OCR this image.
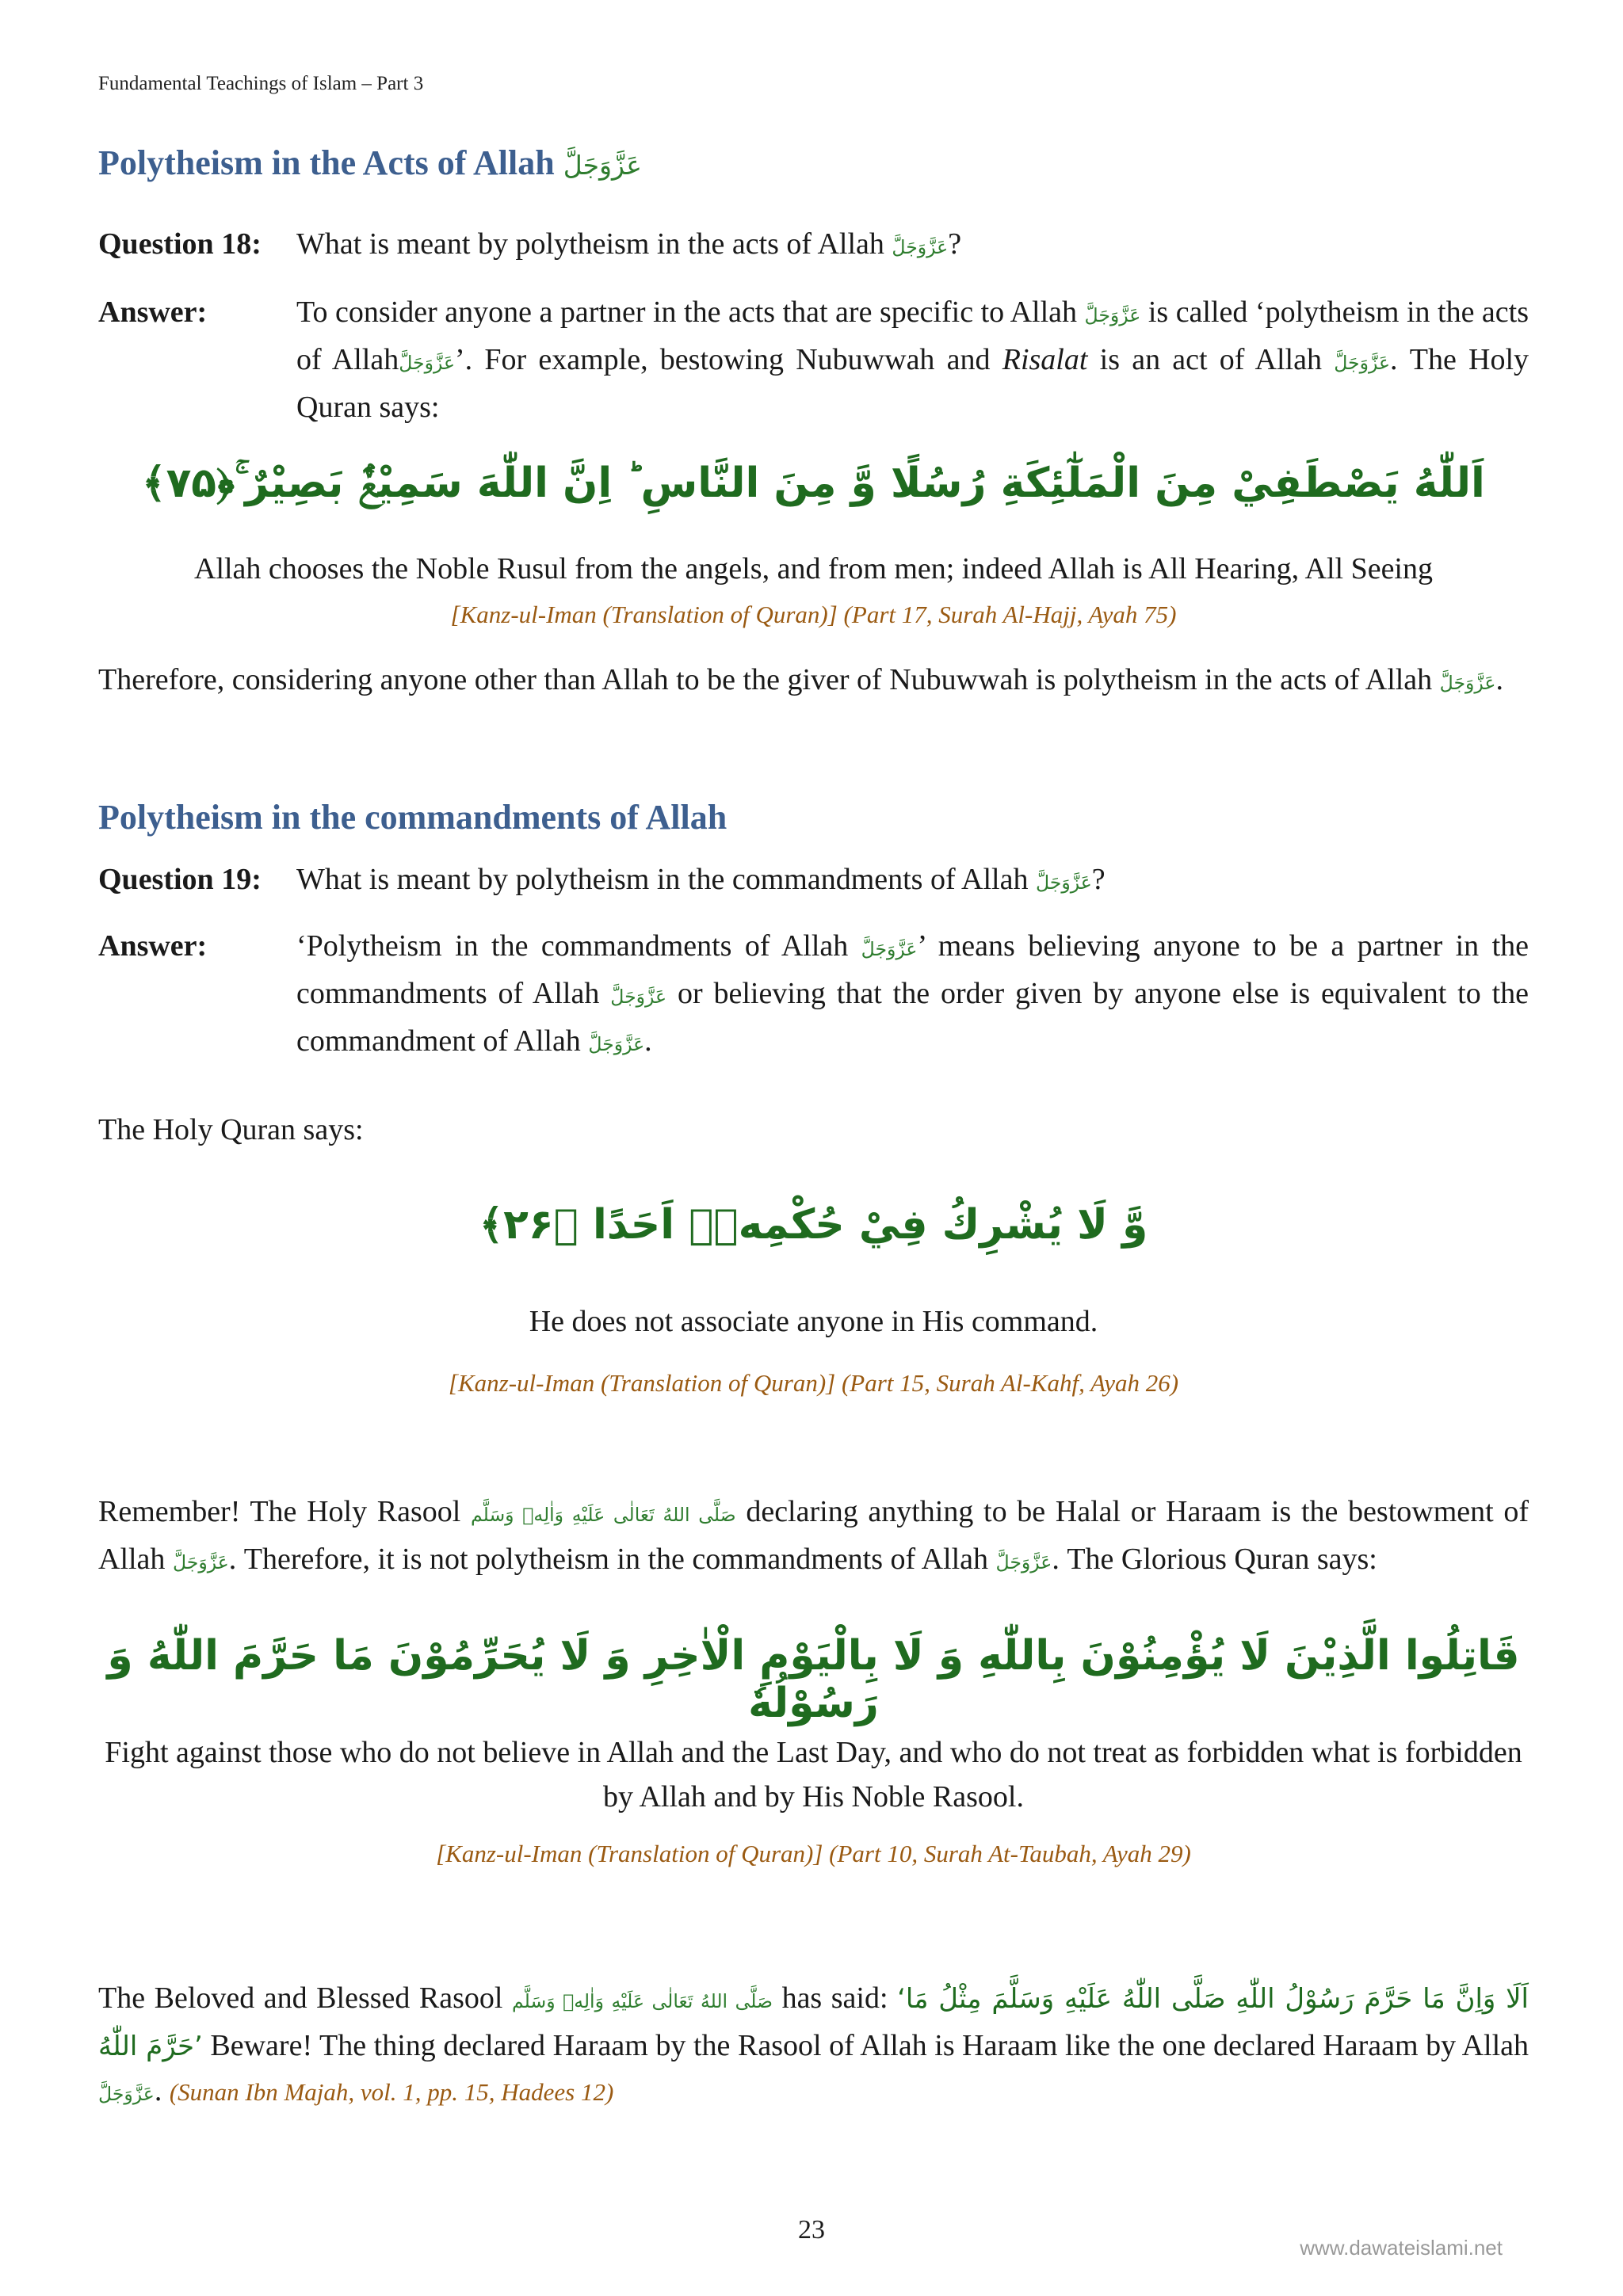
Fundamental Teachings of Islam – Part 3
Polytheism in the Acts of Allah عَزَّوَجَلَّ
Question 18:	What is meant by polytheism in the acts of Allah عَزَّوَجَلَّ?
Answer:	To consider anyone a partner in the acts that are specific to Allah عَزَّوَجَلَّ is called ‘polytheism in the acts of Allahعَزَّوَجَلَّ’. For example, bestowing Nubuwwah and Risalat is an act of Allah عَزَّوَجَلَّ. The Holy Quran says:
اَللّٰهُ يَصْطَفِيْ مِنَ الْمَلٰٓئِكَةِ رُسُلًا وَّ مِنَ النَّاسِ ؕ اِنَّ اللّٰهَ سَمِيْعٌۢ بَصِيْرٌ ۚ﴿۷۵﴾
Allah chooses the Noble Rusul from the angels, and from men; indeed Allah is All Hearing, All Seeing
[Kanz-ul-Iman (Translation of Quran)] (Part 17, Surah Al-Hajj, Ayah 75)
Therefore, considering anyone other than Allah to be the giver of Nubuwwah is polytheism in the acts of Allah عَزَّوَجَلَّ.
Polytheism in the commandments of Allah
Question 19:	What is meant by polytheism in the commandments of Allah عَزَّوَجَلَّ?
Answer:	‘Polytheism in the commandments of Allah عَزَّوَجَلَّ’ means believing anyone to be a partner in the commandments of Allah عَزَّوَجَلَّ or believing that the order given by anyone else is equivalent to the commandment of Allah عَزَّوَجَلَّ.
The Holy Quran says:
وَّ لَا يُشْرِكُ فِيْ حُكْمِهٖۤ اَحَدًا ﴿۲۶﴾
He does not associate anyone in His command.
[Kanz-ul-Iman (Translation of Quran)] (Part 15, Surah Al-Kahf, Ayah 26)
Remember! The Holy Rasool صَلَّى اللهُ تَعَالٰى عَلَيْهِ وَاٰلِهٖ وَسَلَّم declaring anything to be Halal or Haraam is the bestowment of Allah عَزَّوَجَلَّ. Therefore, it is not polytheism in the commandments of Allah عَزَّوَجَلَّ. The Glorious Quran says:
قَاتِلُوا الَّذِيْنَ لَا يُؤْمِنُوْنَ بِاللّٰهِ وَ لَا بِالْيَوْمِ الْاٰخِرِ وَ لَا يُحَرِّمُوْنَ مَا حَرَّمَ اللّٰهُ وَ رَسُوْلُهٗ
Fight against those who do not believe in Allah and the Last Day, and who do not treat as forbidden what is forbidden by Allah and by His Noble Rasool.
[Kanz-ul-Iman (Translation of Quran)] (Part 10, Surah At-Taubah, Ayah 29)
The Beloved and Blessed Rasool صَلَّى اللهُ تَعَالٰى عَلَيْهِ وَاٰلِهٖ وَسَلَّم has said: ‘اَلَا وَاِنَّ مَا حَرَّمَ رَسُوْلُ اللّٰهِ صَلَّى اللّٰهُ عَلَيْهِ وَسَلَّمَ مِثْلُ مَا حَرَّمَ اللّٰهُ’ Beware! The thing declared Haraam by the Rasool of Allah is Haraam like the one declared Haraam by Allah عَزَّوَجَلَّ. (Sunan Ibn Majah, vol. 1, pp. 15, Hadees 12)
23
www.dawateislami.net
